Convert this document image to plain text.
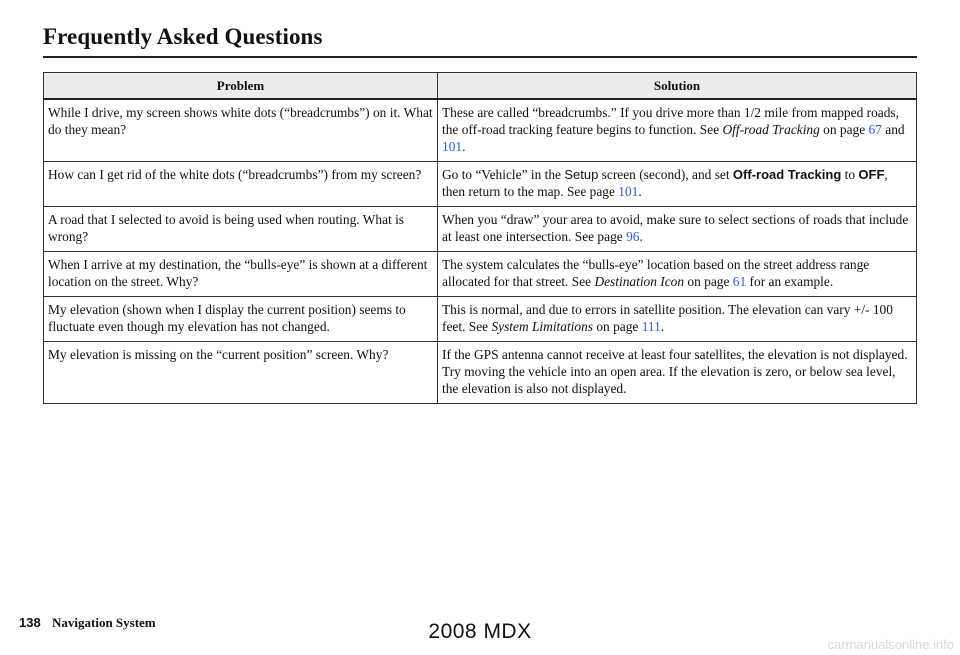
Frequently Asked Questions
Problem	Solution
While I drive, my screen shows white dots (“breadcrumbs”) on it. What do they mean?	These are called “breadcrumbs.” If you drive more than 1/2 mile from mapped roads, the off-road tracking feature begins to function. See Off-road Tracking on page 67 and 101.
How can I get rid of the white dots (“breadcrumbs”) from my screen?	Go to “Vehicle” in the Setup screen (second), and set Off-road Tracking to OFF, then return to the map. See page 101.
A road that I selected to avoid is being used when routing. What is wrong?	When you “draw” your area to avoid, make sure to select sections of roads that include at least one intersection. See page 96.
When I arrive at my destination, the “bulls-eye” is shown at a different location on the street. Why?	The system calculates the “bulls-eye” location based on the street address range allocated for that street. See Destination Icon on page 61 for an example.
My elevation (shown when I display the current position) seems to fluctuate even though my elevation has not changed.	This is normal, and due to errors in satellite position. The elevation can vary +/- 100 feet. See System Limitations on page 111.
My elevation is missing on the “current position” screen. Why?	If the GPS antenna cannot receive at least four satellites, the elevation is not displayed. Try moving the vehicle into an open area. If the elevation is zero, or below sea level, the elevation is also not displayed.
138 Navigation System	2008 MDX
carmanualsonline.info
